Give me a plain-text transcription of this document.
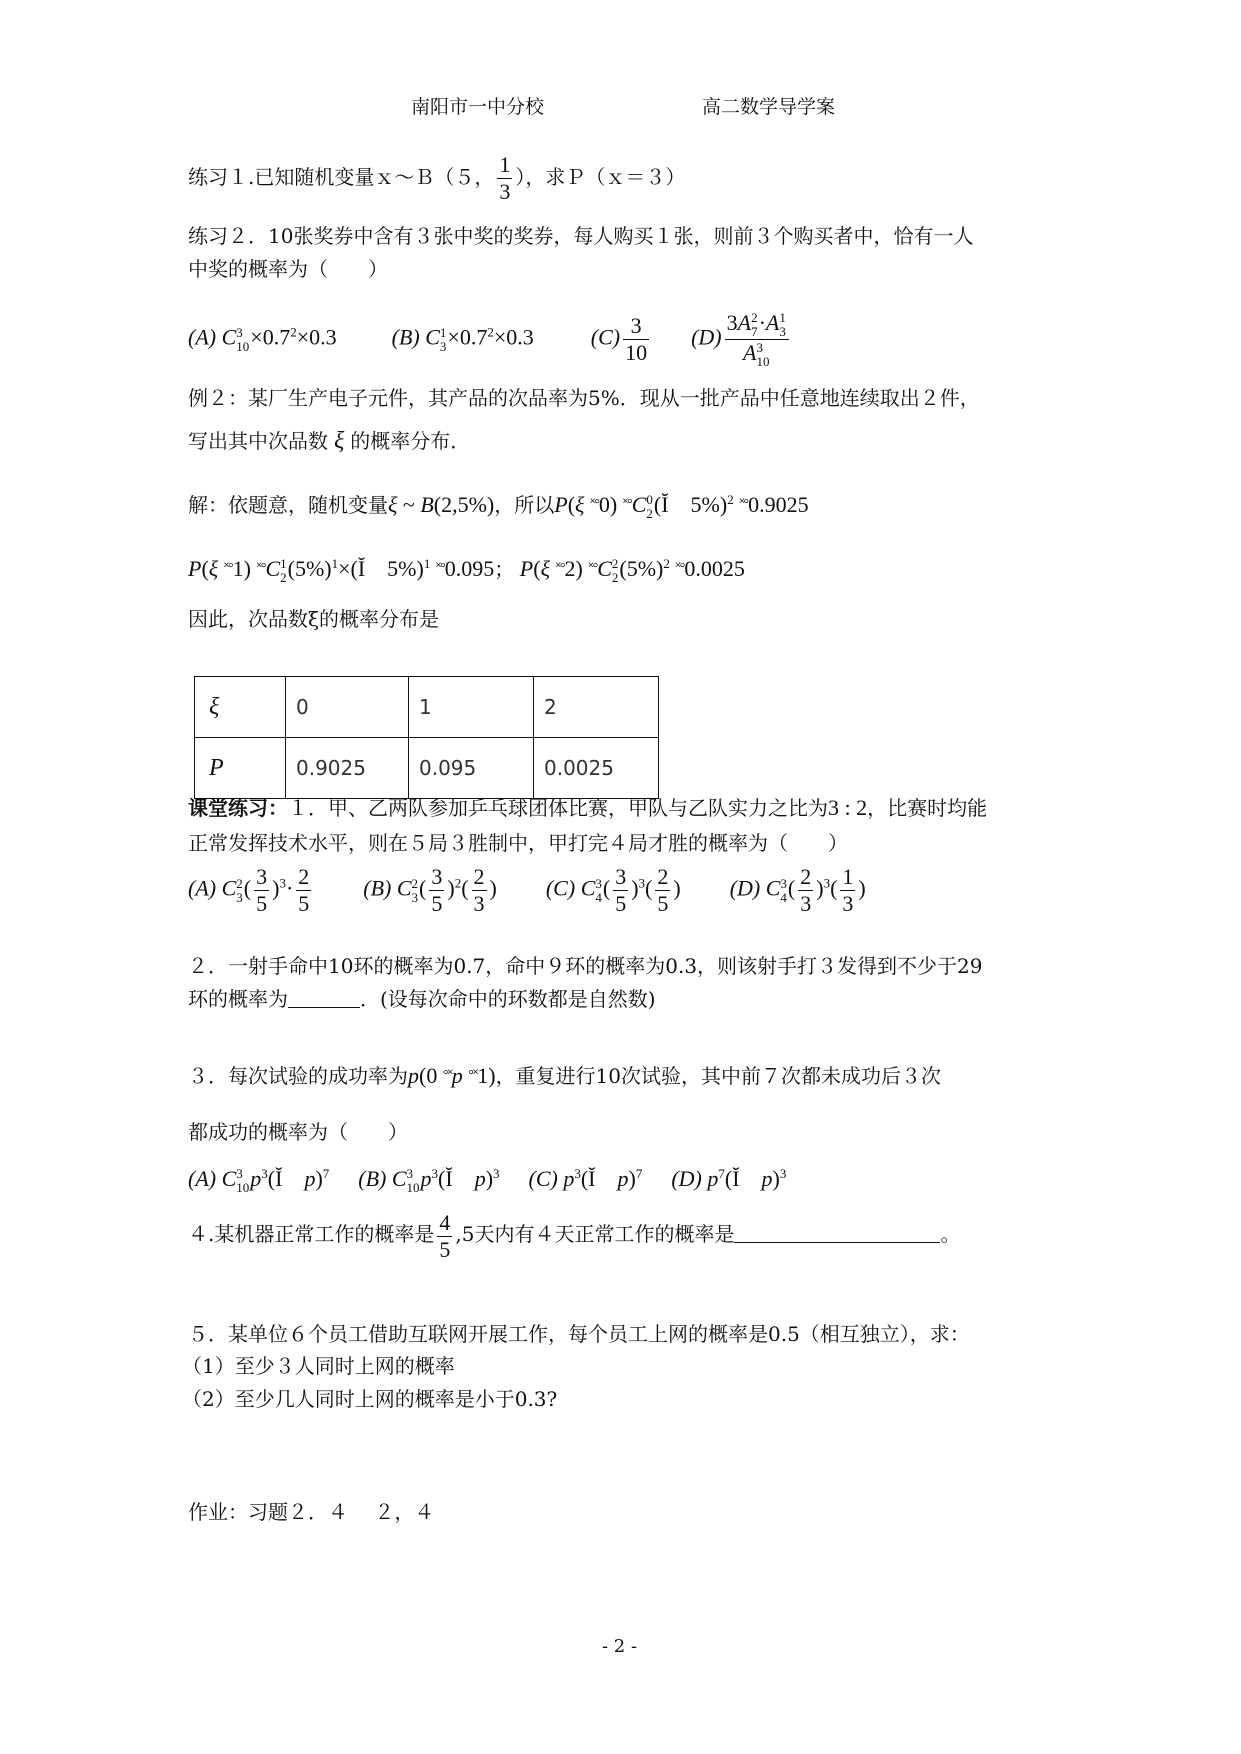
南阳市一中分校	高二数学导学案
练习１.已知随机变量ｘ～Ｂ（５， $\frac{1}{3}$ ），求Ｐ（ｘ＝３）
练习２．10张奖券中含有３张中奖的奖券，每人购买１张，则前３个购买者中，恰有一人
中奖的概率为（　　）
(A) C 3
$10 \times 0.7^2\times 0.3$  (B) C 1
$3 \times 0.7^2\times 0.3$  $(C) \frac{3}{10} (D)$ 3A 2
7 ·A 1
3
A 3
10
例２：某厂生产电子元件，其产品的次品率为5%．现从一批产品中任意地连续取出２件，
写出其中次品数 ξ 的概率分布．
解：依题意，随机变量ξ ~ B(2,5%)，所以P(ξ ˟°0) ˟°C 0
2 (Ĭ　5%)$^2$ ˟°0.9025
P(ξ ˟°1) ˟°C 1
2 $(5\%)^1\times(Ĭ$　5%)$^1$ ˟°0.095； P(ξ ˟°2) ˟°C 2
2 $(5\%)^2$ ˟°0.0025
因此，次品数ξ的概率分布是
ξ	0	1	2
P	0.9025	0.095	0.0025
课堂练习：１．甲、乙两队参加乒乓球团体比赛，甲队与乙队实力之比为3 : 2，比赛时均能
正常发挥技术水平，则在５局３胜制中，甲打完４局才胜的概率为（　　）
(A) C 2
3 ( $\frac{3}{5} )^3\cdot \frac{2}{5} (B)$ C 2
3 ( $\frac{3}{5} )^2( \frac{2}{3}$ )  (C) C 3
4 ( $\frac{3}{5} )^3( \frac{2}{5}$ )  (D) C 3
4 ( $\frac{2}{3} )^3( \frac{1}{3}$ )
２．一射手命中10环的概率为0.7，命中９环的概率为0.3，则该射手打３发得到不少于29
环的概率为	．(设每次命中的环数都是自然数)
３．每次试验的成功率为p(0 °˟p °˟1)，重复进行10次试验，其中前７次都未成功后３次
都成功的概率为（　　）
(A) C 3
10 $p^3(Ĭ$　p)$^7$ (B) C 3
10 $p^3(Ĭ$　p)$^3$ (C) $p^3(Ĭ$　p)$^7$ (D) $p^7(Ĭ$　p)$^3$
４.某机器正常工作的概率是 $\frac{4}{5} ,5$天内有４天正常工作的概率是	。
５．某单位６个员工借助互联网开展工作，每个员工上网的概率是0.5（相互独立），求：
（1）至少３人同时上网的概率
（2）至少几人同时上网的概率是小于0.3?
作业：习题２．４　 ２，４
- 2 -
